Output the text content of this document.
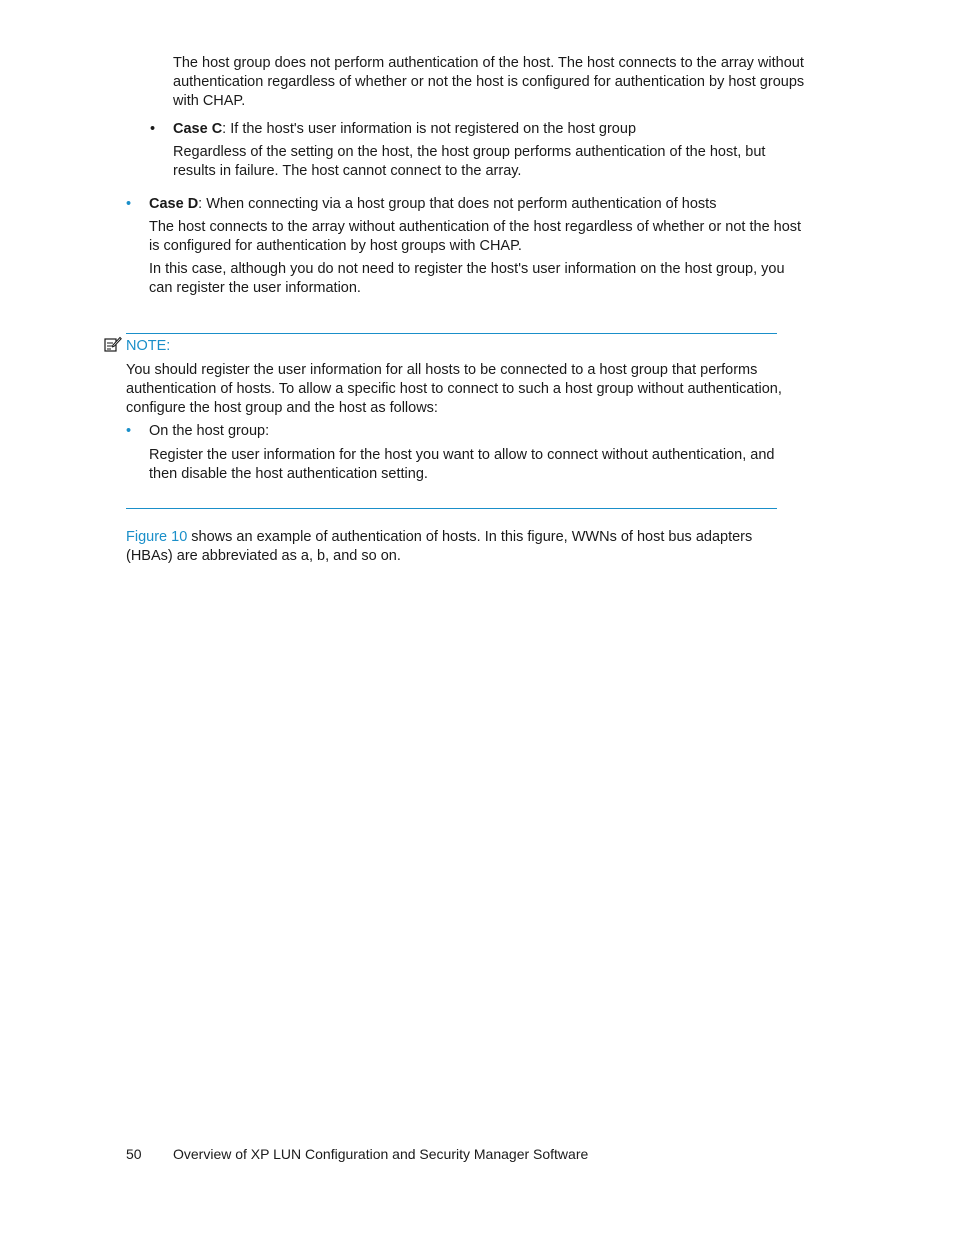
The host group does not perform authentication of the host. The host connects to the array without authentication regardless of whether or not the host is configured for authentication by host groups with CHAP.

• Case C: If the host's user information is not registered on the host group

Regardless of the setting on the host, the host group performs authentication of the host, but results in failure. The host cannot connect to the array.

• Case D: When connecting via a host group that does not perform authentication of hosts

The host connects to the array without authentication of the host regardless of whether or not the host is configured for authentication by host groups with CHAP.

In this case, although you do not need to register the host's user information on the host group, you can register the user information.

NOTE:

You should register the user information for all hosts to be connected to a host group that performs authentication of hosts. To allow a specific host to connect to such a host group without authentication, configure the host group and the host as follows:

• On the host group:

Register the user information for the host you want to allow to connect without authentication, and then disable the host authentication setting.

Figure 10 shows an example of authentication of hosts. In this figure, WWNs of host bus adapters (HBAs) are abbreviated as a, b, and so on.

50 Overview of XP LUN Configuration and Security Manager Software
